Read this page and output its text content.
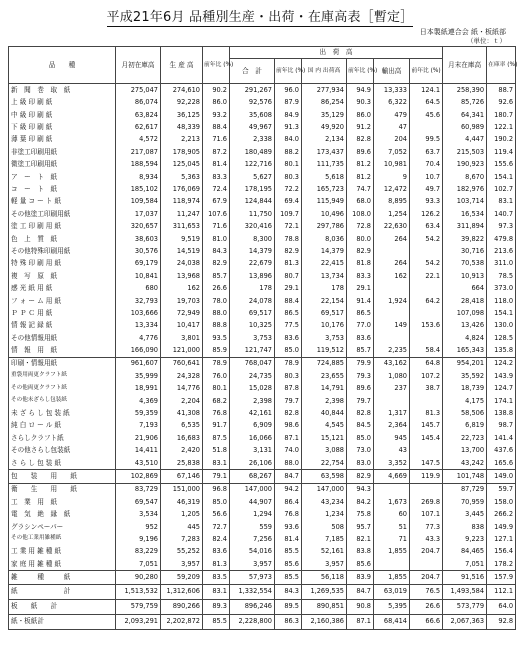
平成21年6月 品種別生産・出荷・在庫高表［暫定］
日本製紙連合会 紙・板紙部
（単位：ｔ）
品　　種	月初在庫高	生 産 高	前年比 (%)	出　荷　高						月末在庫高	在庫率 (%)
				合　計	前年比 (%)	国 内 出荷高	前年比 (%)	輸出高	前年比 (%)		
新　聞　巻　取　紙	275,047	274,610	90.2	291,267	96.0	277,934	94.9	13,333	124.1	258,390	88.7
上 級 印 刷 紙	86,074	92,228	86.0	92,576	87.9	86,254	90.3	6,322	64.5	85,726	92.6
中 級 印 刷 紙	63,824	36,125	93.2	35,608	84.9	35,129	86.0	479	45.6	64,341	180.7
下 級 印 刷 紙	62,617	48,339	88.4	49,967	91.3	49,920	91.2	47		60,989	122.1
薄 葉 印 刷 紙	4,572	2,213	71.6	2,338	84.0	2,134	82.8	204	99.5	4,447	190.2
非塗工印刷用紙	217,087	178,905	87.2	180,489	88.2	173,437	89.6	7,052	63.7	215,503	119.4
微塗工印刷用紙	188,594	125,045	81.4	122,716	80.1	111,735	81.2	10,981	70.4	190,923	155.6
ア　ー　ト　紙	8,934	5,363	83.3	5,627	80.3	5,618	81.2	9	10.7	8,670	154.1
コ　ー　ト　紙	185,102	176,069	72.4	178,195	72.2	165,723	74.7	12,472	49.7	182,976	102.7
軽 量 コ ー ト 紙	109,584	118,974	67.9	124,844	69.4	115,949	68.0	8,895	93.3	103,714	83.1
その他塗工印刷用紙	17,037	11,247	107.6	11,750	109.7	10,496	108.0	1,254	126.2	16,534	140.7
塗 工 印 刷 用 紙	320,657	311,653	71.6	320,416	72.1	297,786	72.8	22,630	63.4	311,894	97.3
色　上　質　紙	38,603	9,519	81.0	8,300	78.8	8,036	80.0	264	54.2	39,822	479.8
その他特殊印刷用紙	30,576	14,519	84.3	14,379	82.9	14,379	82.9			30,716	213.6
特 殊 印 刷 用 紙	69,179	24,038	82.9	22,679	81.3	22,415	81.8	264	54.2	70,538	311.0
複　写　原　紙	10,841	13,968	85.7	13,896	80.7	13,734	83.3	162	22.1	10,913	78.5
感 光 紙 用 紙	680	162	26.6	178	29.1	178	29.1			664	373.0
フ ォ ー ム 用 紙	32,793	19,703	78.0	24,078	88.4	22,154	91.4	1,924	64.2	28,418	118.0
Ｐ Ｐ Ｃ 用 紙	103,666	72,949	88.0	69,517	86.5	69,517	86.5			107,098	154.1
情 報 記 録 紙	13,334	10,417	88.8	10,325	77.5	10,176	77.0	149	153.6	13,426	130.0
その他情報用紙	4,776	3,801	93.5	3,753	83.6	3,753	83.6			4,824	128.5
情　報　用　紙	166,090	121,000	85.9	121,747	85.0	119,512	85.7	2,235	58.4	165,343	135.8
印刷・情報用紙	961,607	760,641	78.9	768,047	78.9	724,885	79.9	43,162	64.8	954,201	124.2
重袋用両更クラフト紙	35,999	24,328	76.0	24,735	80.3	23,655	79.3	1,080	107.2	35,592	143.9
その他両更クラフト紙	18,991	14,776	80.1	15,028	87.8	14,791	89.6	237	38.7	18,739	124.7
その他未ざらし包装紙	4,369	2,204	68.2	2,398	79.7	2,398	79.7			4,175	174.1
未 ざ ら し 包 装 紙	59,359	41,308	76.8	42,161	82.8	40,844	82.8	1,317	81.3	58,506	138.8
純 白 ロ ー ル 紙	7,193	6,535	91.7	6,909	98.6	4,545	84.5	2,364	145.7	6,819	98.7
さらしクラフト紙	21,906	16,683	87.5	16,066	87.1	15,121	85.0	945	145.4	22,723	141.4
その他さらし包装紙	14,411	2,420	51.8	3,131	74.0	3,088	73.0	43		13,700	437.6
さ ら し 包 装 紙	43,510	25,838	83.1	26,106	88.0	22,754	83.0	3,352	147.5	43,242	165.6
包　　装　　用　　紙	102,869	67,146	79.1	68,267	84.7	63,598	82.9	4,669	119.9	101,748	149.0
衛　　生　　用　　紙	83,729	151,000	96.8	147,000	94.2	147,000	94.3			87,729	59.7
工　業　用　紙	69,547	46,319	85.0	44,907	86.4	43,234	84.2	1,673	269.8	70,959	158.0
電　気　絶　縁　紙	3,534	1,205	56.6	1,294	76.8	1,234	75.8	60	107.1	3,445	266.2
グラシンペーパー	952	445	72.7	559	93.6	508	95.7	51	77.3	838	149.9
その他工業用雑種紙	9,196	7,283	82.4	7,256	81.4	7,185	82.1	71	43.3	9,223	127.1
工 業 用 雑 種 紙	83,229	55,252	83.6	54,016	85.5	52,161	83.8	1,855	204.7	84,465	156.4
家 庭 用 雑 種 紙	7,051	3,957	81.3	3,957	85.6	3,957	85.6			7,051	178.2
雑　　　種　　　紙	90,280	59,209	83.5	57,973	85.5	56,118	83.9	1,855	204.7	91,516	157.9
紙　　　　　　　計	1,513,532	1,312,606	83.1	1,332,554	84.3	1,269,535	84.7	63,019	76.5	1,493,584	112.1
板　　紙　　計	579,759	890,266	89.3	896,246	89.5	890,851	90.8	5,395	26.6	573,779	64.0
紙・板紙計	2,093,291	2,202,872	85.5	2,228,800	86.3	2,160,386	87.1	68,414	66.6	2,067,363	92.8
